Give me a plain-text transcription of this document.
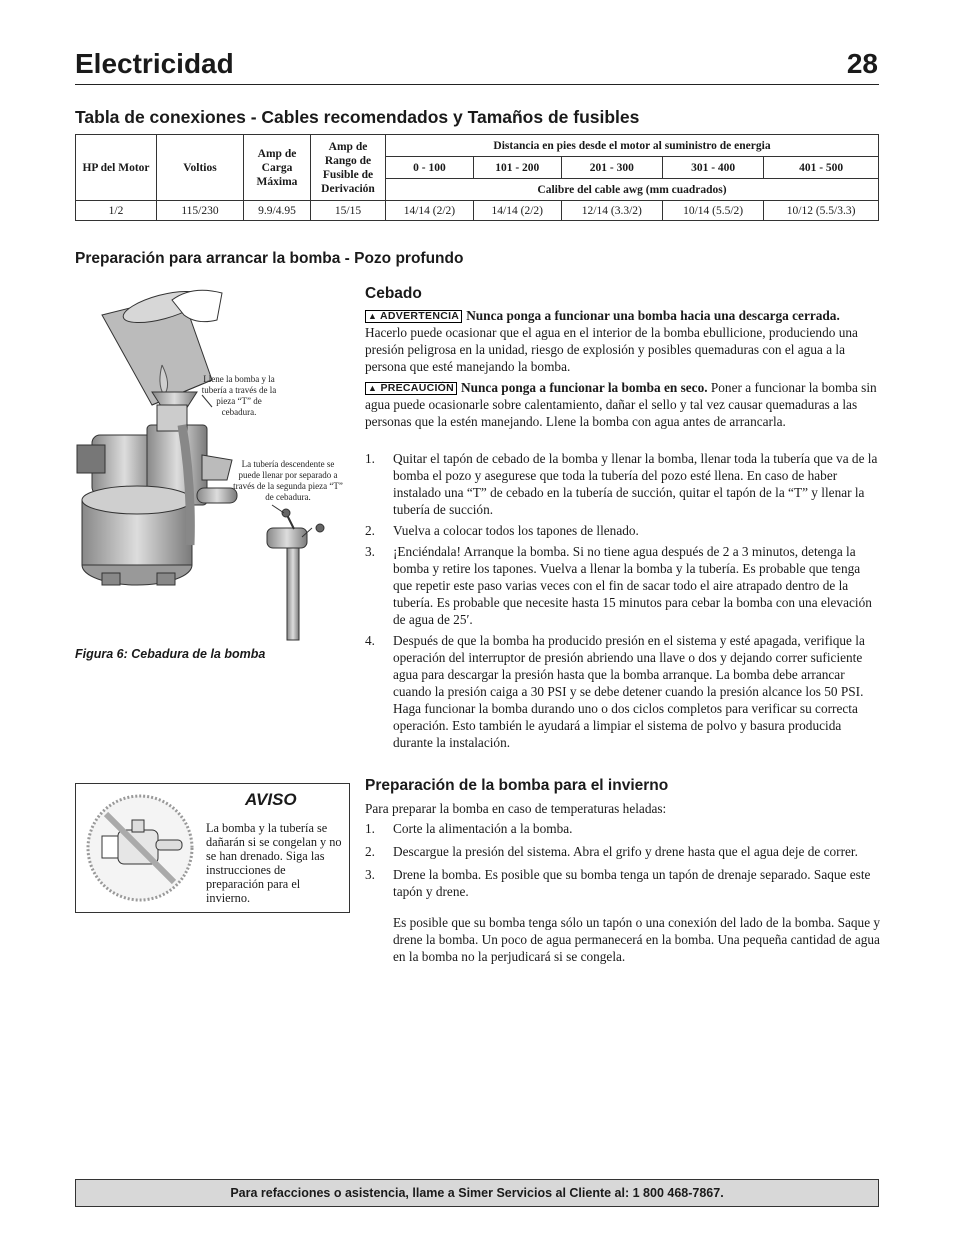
Electricidad	28
Tabla de conexiones - Cables recomendados y Tamaños de fusibles
HP del Motor	Voltios	Amp de Carga Máxima	Amp de Rango de Fusible de Derivación	Distancia en pies desde el motor al suministro de energia				
				0 - 100	101 - 200	201 - 300	301 - 400	401 - 500
				Calibre del cable awg (mm cuadrados)				
1/2	115/230	9.9/4.95	15/15	14/14 (2/2)	14/14 (2/2)	12/14 (3.3/2)	10/14 (5.5/2)	10/12 (5.5/3.3)
Preparación para arrancar la bomba - Pozo profundo
Llene la bomba y la tubería a través de la pieza “T” de cebadura.
La tubería descendente se puede llenar por separado a través de la segunda pieza “T” de cebadura.
Figura 6: Cebadura de la bomba
Cebado
▲ ADVERTENCIA Nunca ponga a funcionar una bomba hacia una descarga cerrada. Hacerlo puede ocasionar que el agua en el interior de la bomba ebullicione, produciendo una presión peligrosa en la unidad, riesgo de explosión y posibles quemaduras con el agua a la persona que esté manejando la bomba.
▲ PRECAUCIÓN Nunca ponga a funcionar la bomba en seco. Poner a funcionar la bomba sin agua puede ocasionarle sobre calentamiento, dañar el sello y tal vez causar quemaduras a las personas que la estén manejando. Llene la bomba con agua antes de arrancarla.
1. Quitar el tapón de cebado de la bomba y llenar la bomba, llenar toda la tubería que va de la bomba el pozo y asegurese que toda la tubería del pozo esté llena. En caso de haber instalado una “T” de cebado en la tubería de succión, quitar el tapón de la “T” y llenar la tubería de succión.
2. Vuelva a colocar todos los tapones de llenado.
3. ¡Enciéndala! Arranque la bomba. Si no tiene agua después de 2 a 3 minutos, detenga la bomba y retire los tapones. Vuelva a llenar la bomba y la tubería. Es probable que tenga que repetir este paso varias veces con el fin de sacar todo el aire atrapado dentro de la tubería. Es probable que necesite hasta 15 minutos para cebar la bomba con una elevación de agua de 25′.
4. Después de que la bomba ha producido presión en el sistema y esté apagada, verifique la operación del interruptor de presión abriendo una llave o dos y dejando correr suficiente agua para descargar la presión hasta que la bomba arranque. La bomba debe arrancar cuando la presión caiga a 30 PSI y se debe detener cuando la presión alcance los 50 PSI. Haga funcionar la bomba durando uno o dos ciclos completos para verificar su correcta operación. Esto también le ayudará a limpiar el sistema de polvo y basura producida durante la instalación.
AVISO
La bomba y la tubería se dañarán si se congelan y no se han drenado. Siga las instrucciones de preparación para el invierno.
Preparación de la bomba para el invierno
Para preparar la bomba en caso de temperaturas heladas:
1. Corte la alimentación a la bomba.
2. Descargue la presión del sistema. Abra el grifo y drene hasta que el agua deje de correr.
3. Drene la bomba. Es posible que su bomba tenga un tapón de drenaje separado. Saque este tapón y drene.
Es posible que su bomba tenga sólo un tapón o una conexión del lado de la bomba. Saque y drene la bomba. Un poco de agua permanecerá en la bomba. Una pequeña cantidad de agua en la bomba no la perjudicará si se congela.
Para refacciones o asistencia, llame a Simer Servicios al Cliente al: 1 800 468-7867.
